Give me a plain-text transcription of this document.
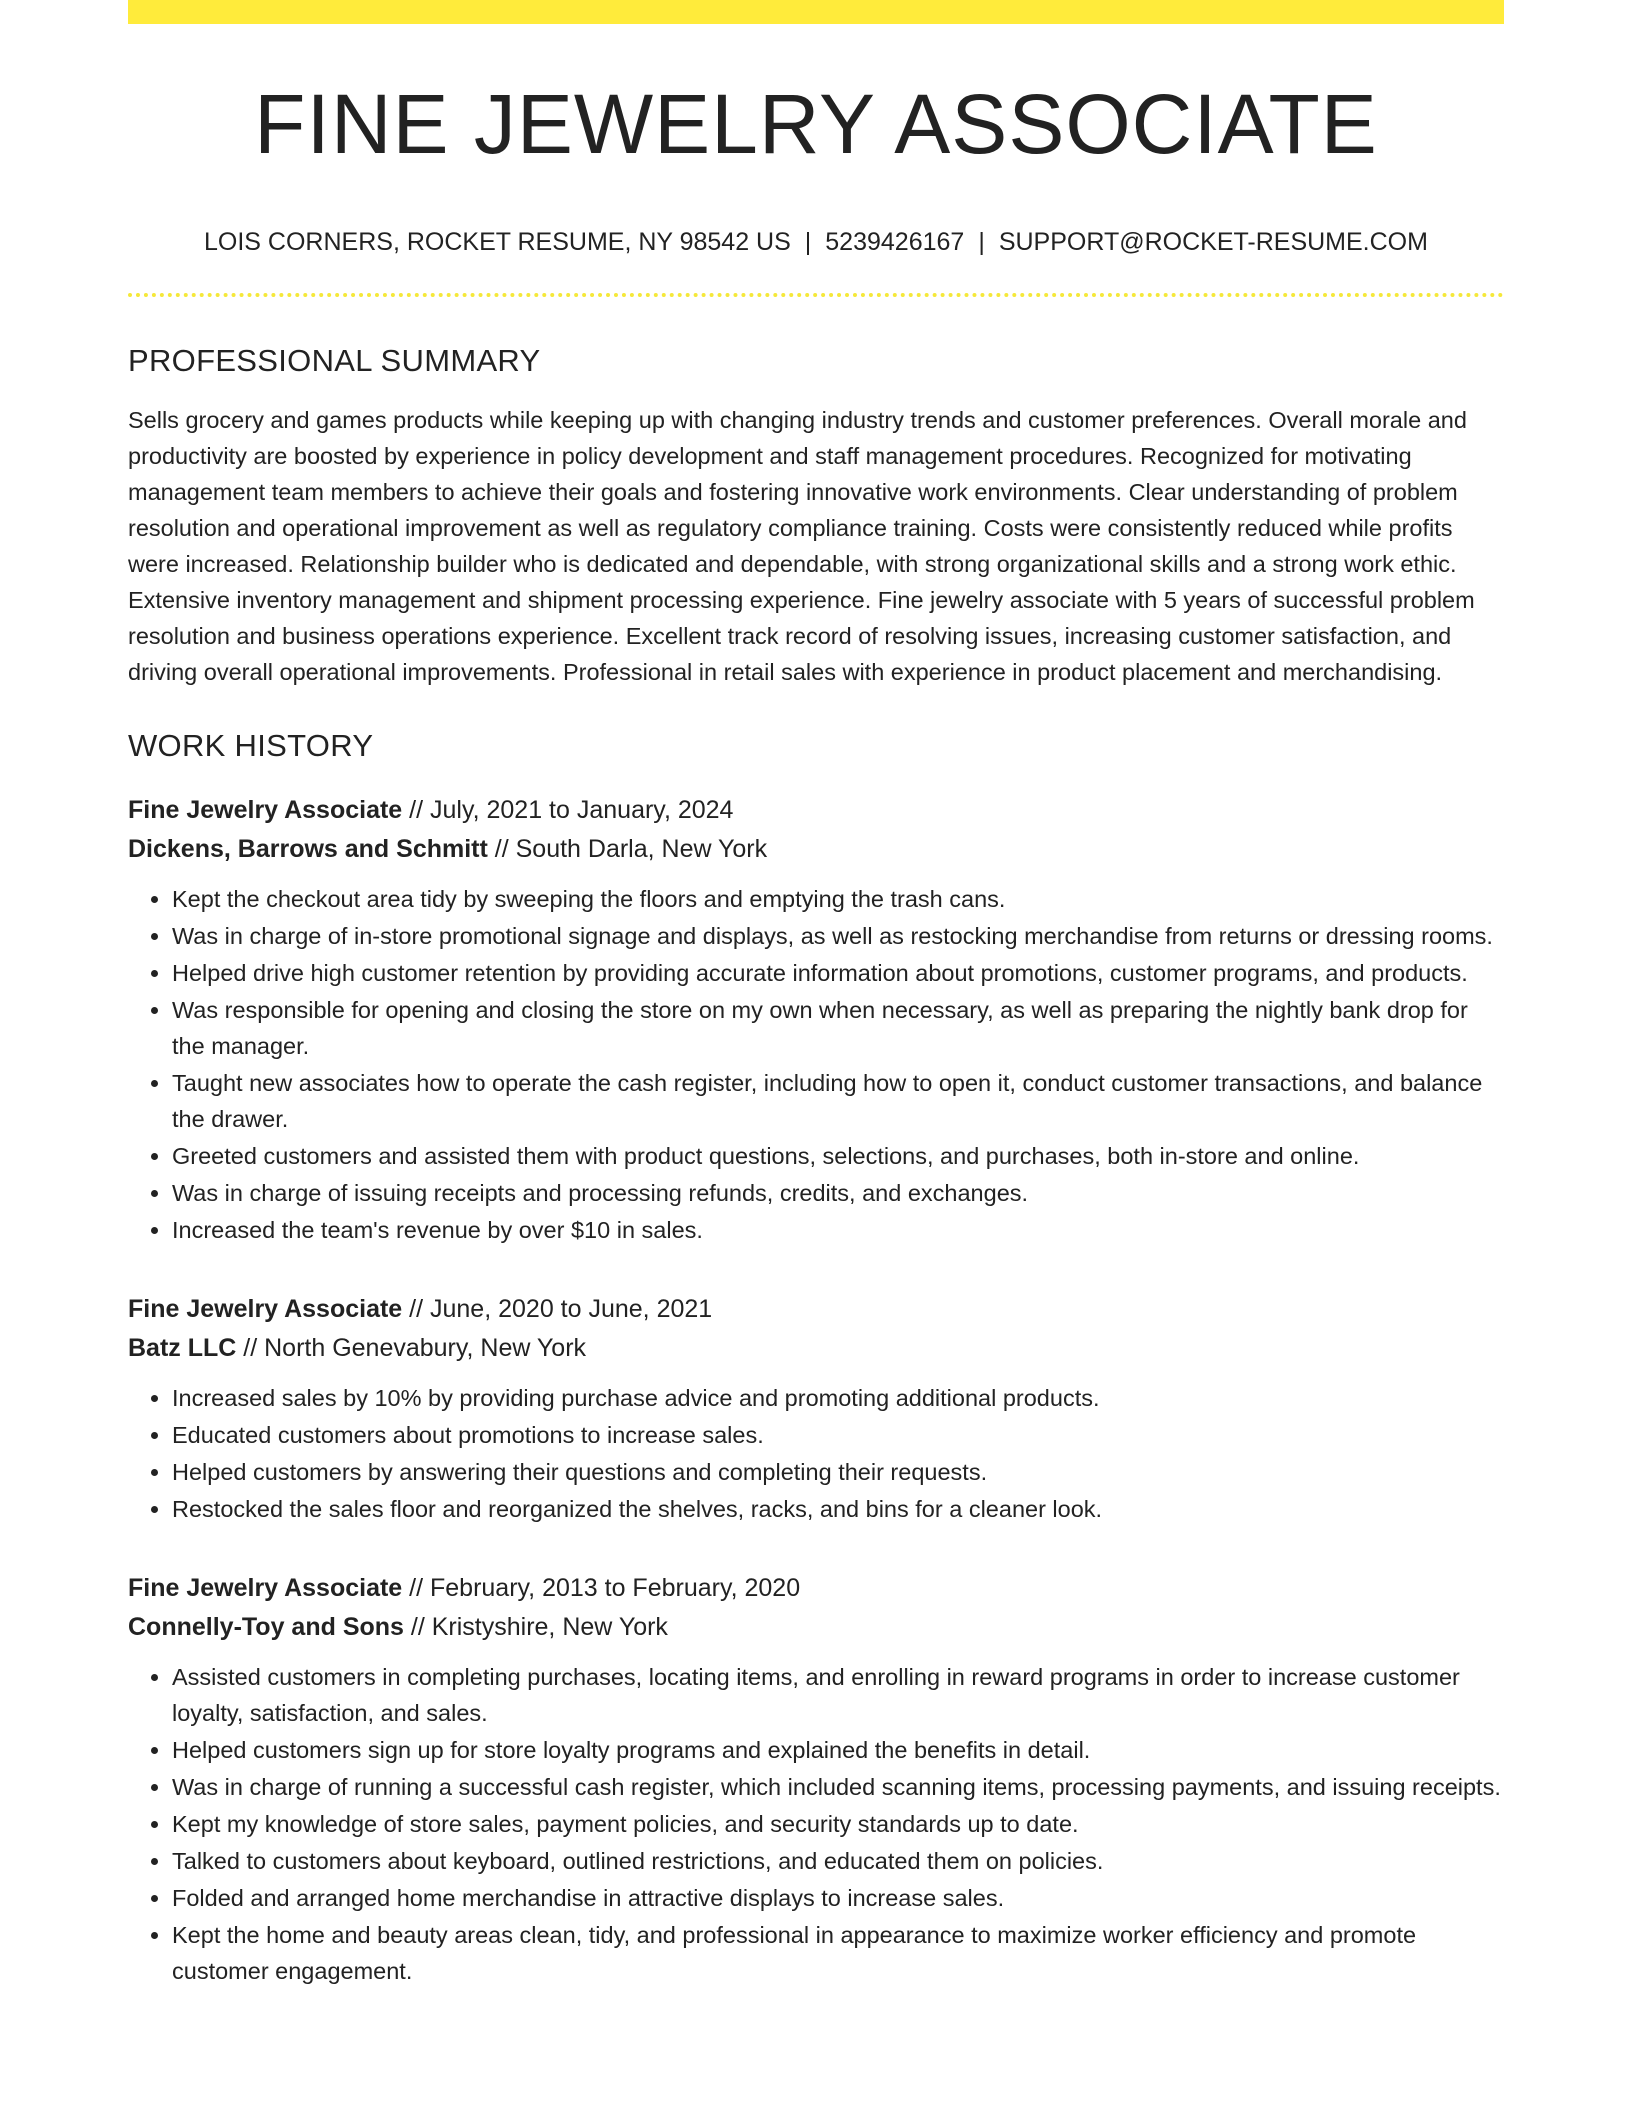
FINE JEWELRY ASSOCIATE
LOIS CORNERS, ROCKET RESUME, NY 98542 US | 5239426167 | SUPPORT@ROCKET-RESUME.COM
PROFESSIONAL SUMMARY
Sells grocery and games products while keeping up with changing industry trends and customer preferences. Overall morale and productivity are boosted by experience in policy development and staff management procedures. Recognized for motivating management team members to achieve their goals and fostering innovative work environments. Clear understanding of problem resolution and operational improvement as well as regulatory compliance training. Costs were consistently reduced while profits were increased. Relationship builder who is dedicated and dependable, with strong organizational skills and a strong work ethic. Extensive inventory management and shipment processing experience. Fine jewelry associate with 5 years of successful problem resolution and business operations experience. Excellent track record of resolving issues, increasing customer satisfaction, and driving overall operational improvements. Professional in retail sales with experience in product placement and merchandising.
WORK HISTORY
Fine Jewelry Associate // July, 2021 to January, 2024
Dickens, Barrows and Schmitt // South Darla, New York
• Kept the checkout area tidy by sweeping the floors and emptying the trash cans.
• Was in charge of in-store promotional signage and displays, as well as restocking merchandise from returns or dressing rooms.
• Helped drive high customer retention by providing accurate information about promotions, customer programs, and products.
• Was responsible for opening and closing the store on my own when necessary, as well as preparing the nightly bank drop for the manager.
• Taught new associates how to operate the cash register, including how to open it, conduct customer transactions, and balance the drawer.
• Greeted customers and assisted them with product questions, selections, and purchases, both in-store and online.
• Was in charge of issuing receipts and processing refunds, credits, and exchanges.
• Increased the team's revenue by over $10 in sales.
Fine Jewelry Associate // June, 2020 to June, 2021
Batz LLC // North Genevabury, New York
• Increased sales by 10% by providing purchase advice and promoting additional products.
• Educated customers about promotions to increase sales.
• Helped customers by answering their questions and completing their requests.
• Restocked the sales floor and reorganized the shelves, racks, and bins for a cleaner look.
Fine Jewelry Associate // February, 2013 to February, 2020
Connelly-Toy and Sons // Kristyshire, New York
• Assisted customers in completing purchases, locating items, and enrolling in reward programs in order to increase customer loyalty, satisfaction, and sales.
• Helped customers sign up for store loyalty programs and explained the benefits in detail.
• Was in charge of running a successful cash register, which included scanning items, processing payments, and issuing receipts.
• Kept my knowledge of store sales, payment policies, and security standards up to date.
• Talked to customers about keyboard, outlined restrictions, and educated them on policies.
• Folded and arranged home merchandise in attractive displays to increase sales.
• Kept the home and beauty areas clean, tidy, and professional in appearance to maximize worker efficiency and promote customer engagement.
